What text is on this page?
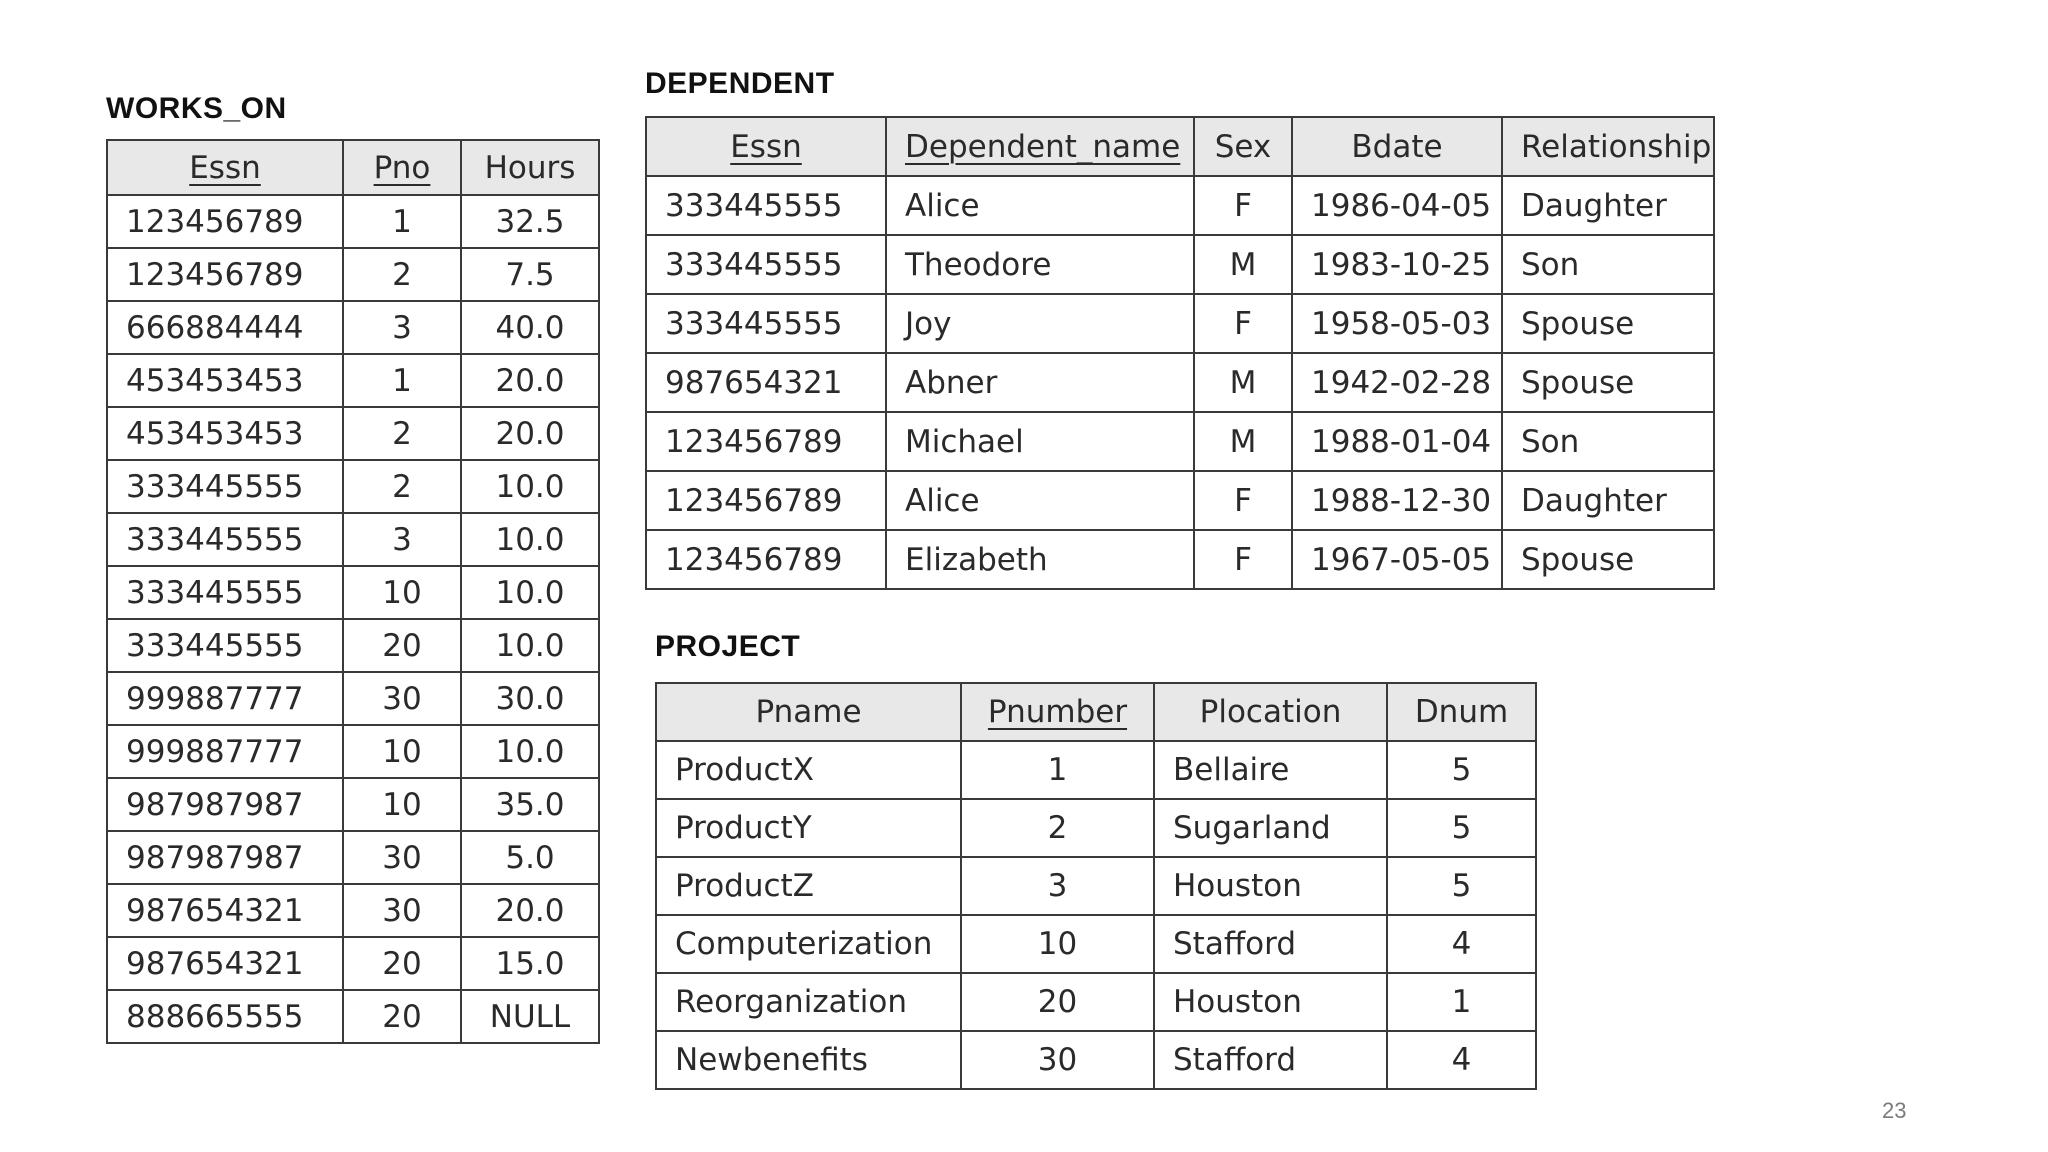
WORKS_ON
Essn	Pno	Hours
123456789	1	32.5
123456789	2	7.5
666884444	3	40.0
453453453	1	20.0
453453453	2	20.0
333445555	2	10.0
333445555	3	10.0
333445555	10	10.0
333445555	20	10.0
999887777	30	30.0
999887777	10	10.0
987987987	10	35.0
987987987	30	5.0
987654321	30	20.0
987654321	20	15.0
888665555	20	NULL
DEPENDENT
Essn	Dependent_name	Sex	Bdate	Relationship
333445555	Alice	F	1986-04-05	Daughter
333445555	Theodore	M	1983-10-25	Son
333445555	Joy	F	1958-05-03	Spouse
987654321	Abner	M	1942-02-28	Spouse
123456789	Michael	M	1988-01-04	Son
123456789	Alice	F	1988-12-30	Daughter
123456789	Elizabeth	F	1967-05-05	Spouse
PROJECT
Pname	Pnumber	Plocation	Dnum
ProductX	1	Bellaire	5
ProductY	2	Sugarland	5
ProductZ	3	Houston	5
Computerization	10	Stafford	4
Reorganization	20	Houston	1
Newbenefits	30	Stafford	4
23
